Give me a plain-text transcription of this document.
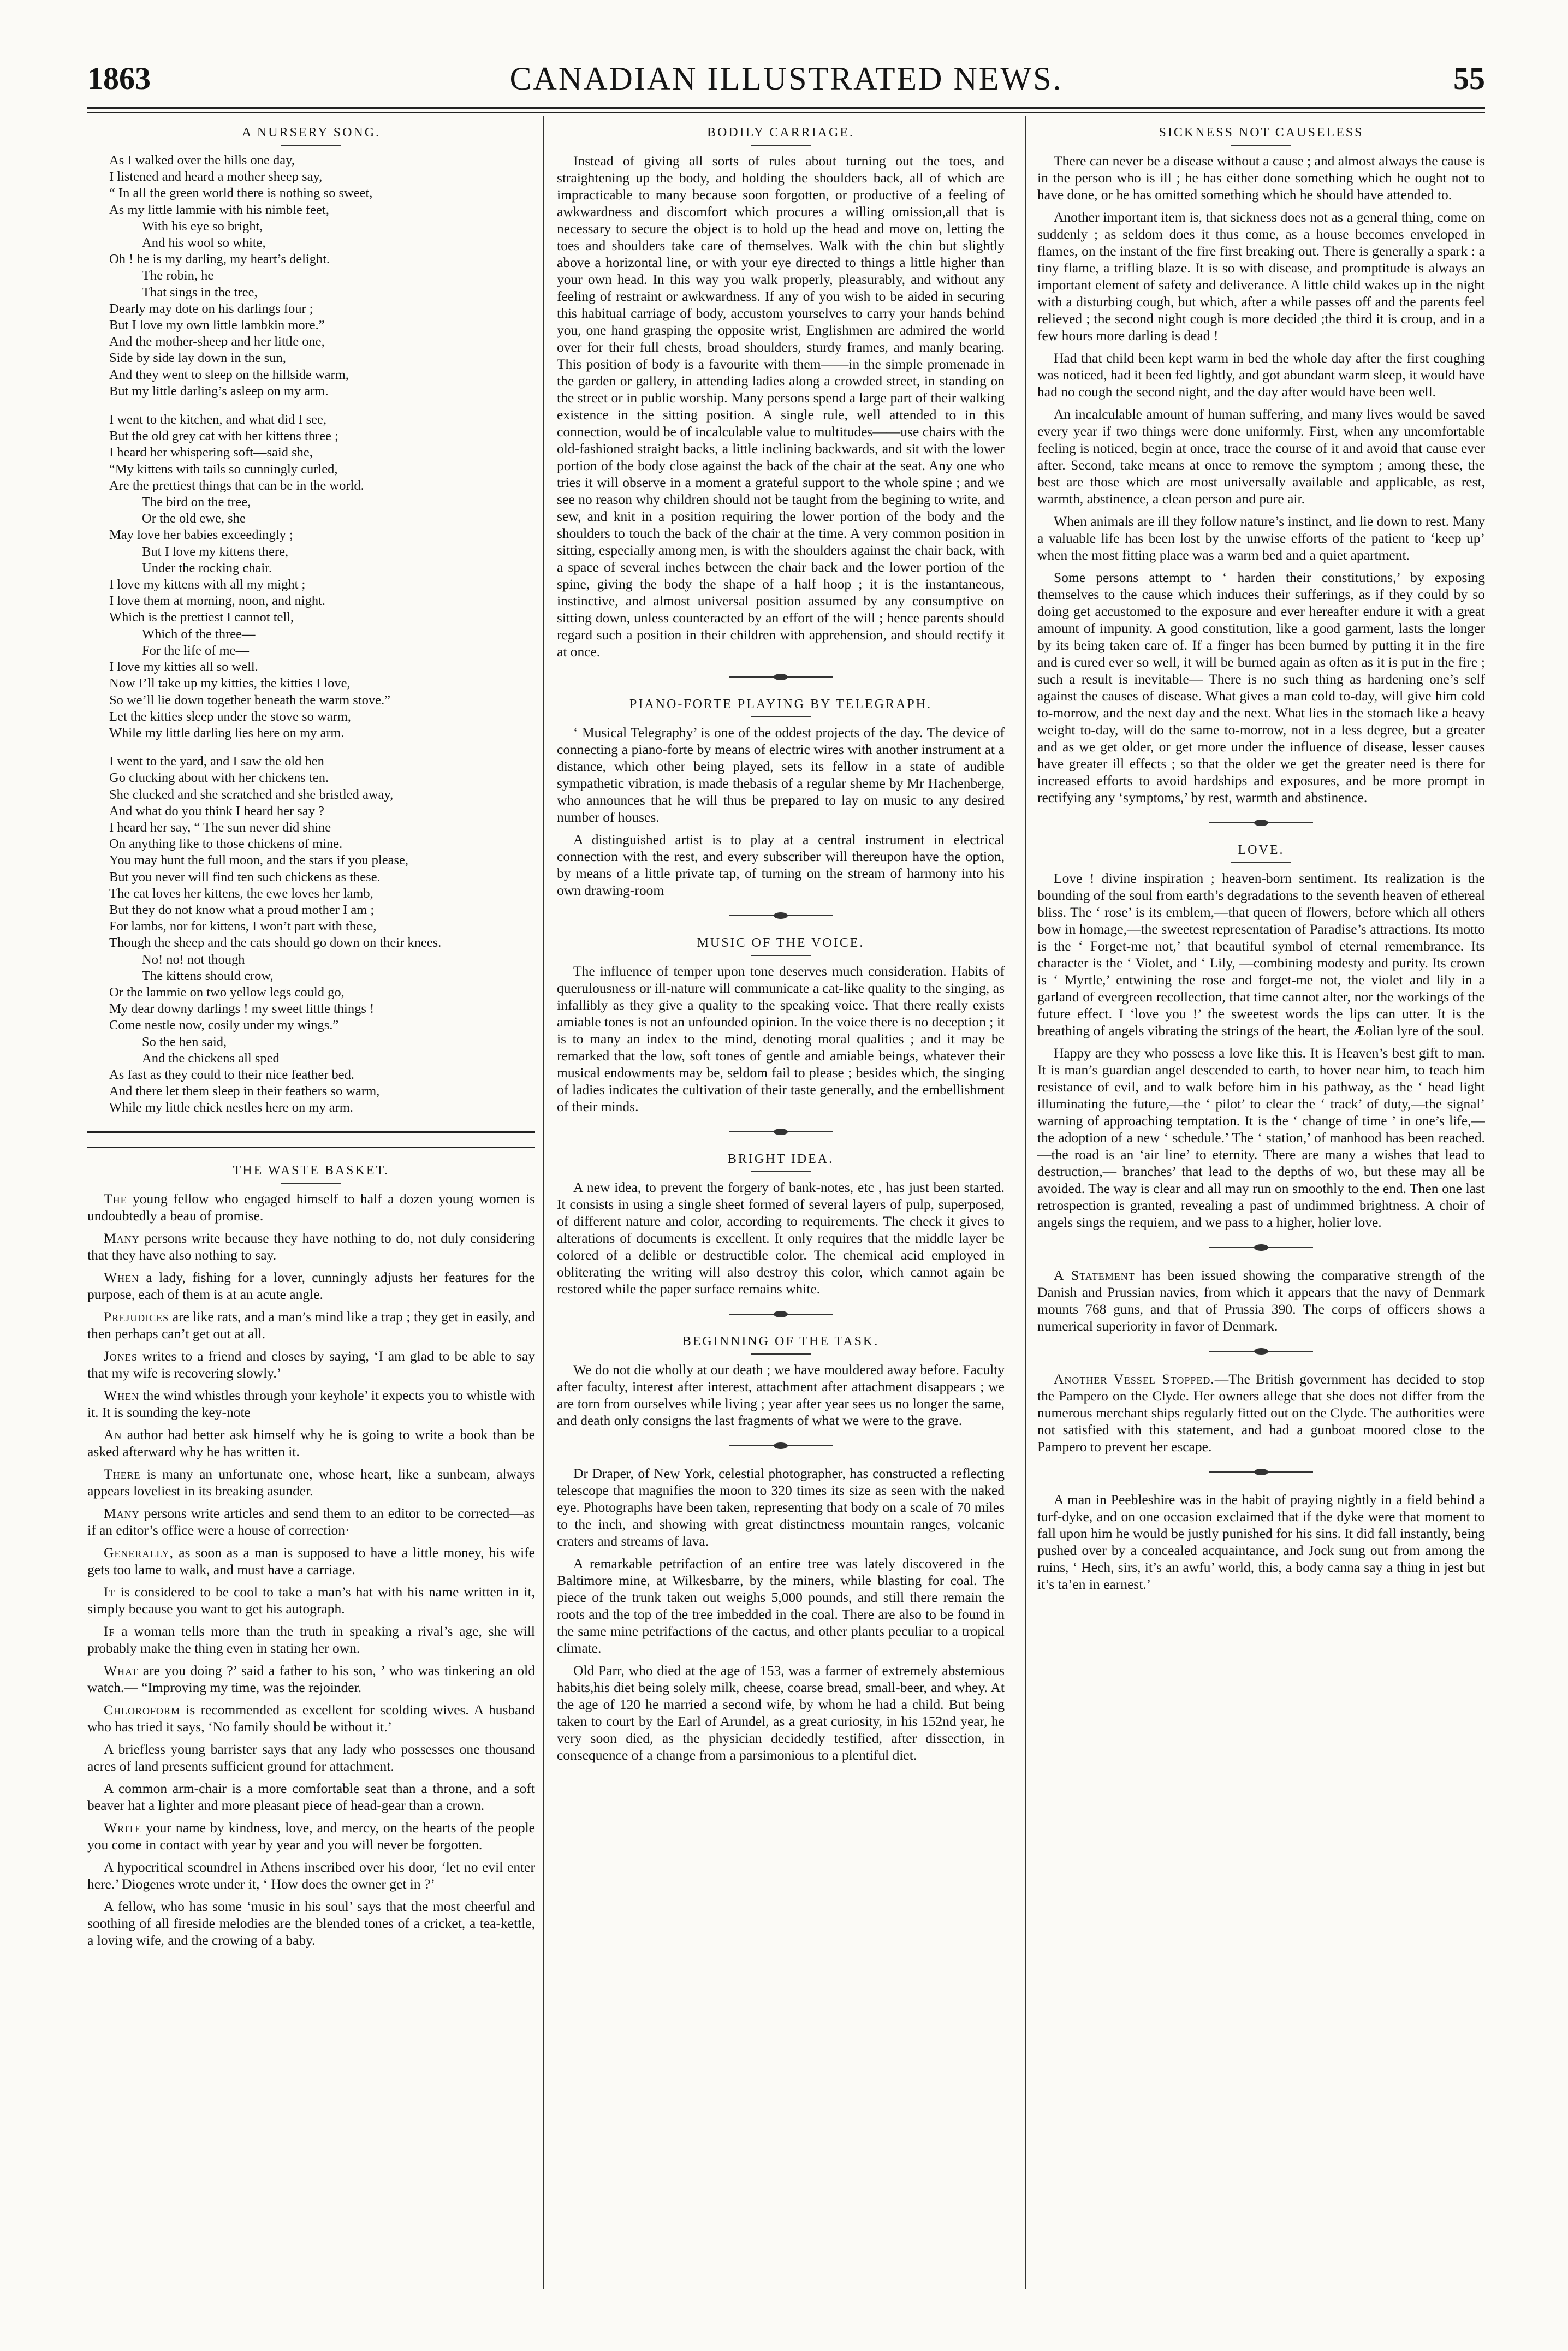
1863	CANADIAN ILLUSTRATED NEWS.	55
A NURSERY SONG.
As I walked over the hills one day,
I listened and heard a mother sheep say,
“ In all the green world there is nothing so sweet,
As my little lammie with his nimble feet,
With his eye so bright,
And his wool so white,
Oh ! he is my darling, my heart’s delight.
The robin, he
That sings in the tree,
Dearly may dote on his darlings four ;
But I love my own little lambkin more.”
And the mother-sheep and her little one,
Side by side lay down in the sun,
And they went to sleep on the hillside warm,
But my little darling’s asleep on my arm.
I went to the kitchen, and what did I see,
But the old grey cat with her kittens three ;
I heard her whispering soft—said she,
“My kittens with tails so cunningly curled,
Are the prettiest things that can be in the world.
The bird on the tree,
Or the old ewe, she
May love her babies exceedingly ;
But I love my kittens there,
Under the rocking chair.
I love my kittens with all my might ;
I love them at morning, noon, and night.
Which is the prettiest I cannot tell,
Which of the three—
For the life of me—
I love my kitties all so well.
Now I’ll take up my kitties, the kitties I love,
So we’ll lie down together beneath the warm stove.”
Let the kitties sleep under the stove so warm,
While my little darling lies here on my arm.
I went to the yard, and I saw the old hen
Go clucking about with her chickens ten.
She clucked and she scratched and she bristled away,
And what do you think I heard her say ?
I heard her say, “ The sun never did shine
On anything like to those chickens of mine.
You may hunt the full moon, and the stars if you please,
But you never will find ten such chickens as these.
The cat loves her kittens, the ewe loves her lamb,
But they do not know what a proud mother I am ;
For lambs, nor for kittens, I won’t part with these,
Though the sheep and the cats should go down on their knees.
No! no! not though
The kittens should crow,
Or the lammie on two yellow legs could go,
My dear downy darlings ! my sweet little things !
Come nestle now, cosily under my wings.”
So the hen said,
And the chickens all sped
As fast as they could to their nice feather bed.
And there let them sleep in their feathers so warm,
While my little chick nestles here on my arm.
THE WASTE BASKET.

The young fellow who engaged himself to half a dozen young women is undoubtedly a beau of promise.

Many persons write because they have nothing to do, not duly considering that they have also nothing to say.

When a lady, fishing for a lover, cunningly adjusts her features for the purpose, each of them is at an acute angle.

Prejudices are like rats, and a man’s mind like a trap ; they get in easily, and then perhaps can’t get out at all.

Jones writes to a friend and closes by saying, ‘I am glad to be able to say that my wife is recovering slowly.’

When the wind whistles through your keyhole’ it expects you to whistle with it. It is sounding the key-note

An author had better ask himself why he is going to write a book than be asked afterward why he has written it.

There is many an unfortunate one, whose heart, like a sunbeam, always appears loveliest in its breaking asunder.

Many persons write articles and send them to an editor to be corrected—as if an editor’s office were a house of correction·

Generally, as soon as a man is supposed to have a little money, his wife gets too lame to walk, and must have a carriage.

It is considered to be cool to take a man’s hat with his name written in it, simply because you want to get his autograph.

If a woman tells more than the truth in speaking a rival’s age, she will probably make the thing even in stating her own.

What are you doing ?’ said a father to his son, ’ who was tinkering an old watch.— “Improving my time, was the rejoinder.

Chloroform is recommended as excellent for scolding wives. A husband who has tried it says, ‘No family should be without it.’

A briefless young barrister says that any lady who possesses one thousand acres of land presents sufficient ground for attachment.

A common arm-chair is a more comfortable seat than a throne, and a soft beaver hat a lighter and more pleasant piece of head-gear than a crown.

Write your name by kindness, love, and mercy, on the hearts of the people you come in contact with year by year and you will never be forgotten.

A hypocritical scoundrel in Athens inscribed over his door, ‘let no evil enter here.’ Diogenes wrote under it, ‘ How does the owner get in ?’

A fellow, who has some ‘music in his soul’ says that the most cheerful and soothing of all fireside melodies are the blended tones of a cricket, a tea-kettle, a loving wife, and the crowing of a baby.

BODILY CARRIAGE.

Instead of giving all sorts of rules about turning out the toes, and straightening up the body, and holding the shoulders back, all of which are impracticable to many because soon forgotten, or productive of a feeling of awkwardness and discomfort which procures a willing omission,all that is necessary to secure the object is to hold up the head and move on, letting the toes and shoulders take care of themselves. Walk with the chin but slightly above a horizontal line, or with your eye directed to things a little higher than your own head. In this way you walk properly, pleasurably, and without any feeling of restraint or awkwardness. If any of you wish to be aided in securing this habitual carriage of body, accustom yourselves to carry your hands behind you, one hand grasping the opposite wrist, Englishmen are admired the world over for their full chests, broad shoulders, sturdy frames, and manly bearing. This position of body is a favourite with them——in the simple promenade in the garden or gallery, in attending ladies along a crowded street, in standing on the street or in public worship. Many persons spend a large part of their walking existence in the sitting position. A single rule, well attended to in this connection, would be of incalculable value to multitudes——use chairs with the old-fashioned straight backs, a little inclining backwards, and sit with the lower portion of the body close against the back of the chair at the seat. Any one who tries it will observe in a moment a grateful support to the whole spine ; and we see no reason why children should not be taught from the begining to write, and sew, and knit in a position requiring the lower portion of the body and the shoulders to touch the back of the chair at the time. A very common position in sitting, especially among men, is with the shoulders against the chair back, with a space of several inches between the chair back and the lower portion of the spine, giving the body the shape of a half hoop ; it is the instantaneous, instinctive, and almost universal position assumed by any consumptive on sitting down, unless counteracted by an effort of the will ; hence parents should regard such a position in their children with apprehension, and should rectify it at once.

PIANO-FORTE PLAYING BY TELEGRAPH.

‘ Musical Telegraphy’ is one of the oddest projects of the day. The device of connecting a piano-forte by means of electric wires with another instrument at a distance, which other being played, sets its fellow in a state of audible sympathetic vibration, is made thebasis of a regular sheme by Mr Hachenberge, who announces that he will thus be prepared to lay on music to any desired number of houses.

A distinguished artist is to play at a central instrument in electrical connection with the rest, and every subscriber will thereupon have the option, by means of a little private tap, of turning on the stream of harmony into his own drawing-room

MUSIC OF THE VOICE.

The influence of temper upon tone deserves much consideration. Habits of querulousness or ill-nature will communicate a cat-like quality to the singing, as infallibly as they give a quality to the speaking voice. That there really exists amiable tones is not an unfounded opinion. In the voice there is no deception ; it is to many an index to the mind, denoting moral qualities ; and it may be remarked that the low, soft tones of gentle and amiable beings, whatever their musical endowments may be, seldom fail to please ; besides which, the singing of ladies indicates the cultivation of their taste generally, and the embellishment of their minds.

BRIGHT IDEA.

A new idea, to prevent the forgery of bank-notes, etc , has just been started. It consists in using a single sheet formed of several layers of pulp, superposed, of different nature and color, according to requirements. The check it gives to alterations of documents is excellent. It only requires that the middle layer be colored of a delible or destructible color. The chemical acid employed in obliterating the writing will also destroy this color, which cannot again be restored while the paper surface remains white.

BEGINNING OF THE TASK.

We do not die wholly at our death ; we have mouldered away before. Faculty after faculty, interest after interest, attachment after attachment disappears ; we are torn from ourselves while living ; year after year sees us no longer the same, and death only consigns the last fragments of what we were to the grave.

Dr Draper, of New York, celestial photographer, has constructed a reflecting telescope that magnifies the moon to 320 times its size as seen with the naked eye. Photographs have been taken, representing that body on a scale of 70 miles to the inch, and showing with great distinctness mountain ranges, volcanic craters and streams of lava.

A remarkable petrifaction of an entire tree was lately discovered in the Baltimore mine, at Wilkesbarre, by the miners, while blasting for coal. The piece of the trunk taken out weighs 5,000 pounds, and still there remain the roots and the top of the tree imbedded in the coal. There are also to be found in the same mine petrifactions of the cactus, and other plants peculiar to a tropical climate.

Old Parr, who died at the age of 153, was a farmer of extremely abstemious habits,his diet being solely milk, cheese, coarse bread, small-beer, and whey. At the age of 120 he married a second wife, by whom he had a child. But being taken to court by the Earl of Arundel, as a great curiosity, in his 152nd year, he very soon died, as the physician decidedly testified, after dissection, in consequence of a change from a parsimonious to a plentiful diet.

SICKNESS NOT CAUSELESS

There can never be a disease without a cause ; and almost always the cause is in the person who is ill ; he has either done something which he ought not to have done, or he has omitted something which he should have attended to.

Another important item is, that sickness does not as a general thing, come on suddenly ; as seldom does it thus come, as a house becomes enveloped in flames, on the instant of the fire first breaking out. There is generally a spark : a tiny flame, a trifling blaze. It is so with disease, and promptitude is always an important element of safety and deliverance. A little child wakes up in the night with a disturbing cough, but which, after a while passes off and the parents feel relieved ; the second night cough is more decided ;the third it is croup, and in a few hours more darling is dead !

Had that child been kept warm in bed the whole day after the first coughing was noticed, had it been fed lightly, and got abundant warm sleep, it would have had no cough the second night, and the day after would have been well.

An incalculable amount of human suffering, and many lives would be saved every year if two things were done uniformly. First, when any uncomfortable feeling is noticed, begin at once, trace the course of it and avoid that cause ever after. Second, take means at once to remove the symptom ; among these, the best are those which are most universally available and applicable, as rest, warmth, abstinence, a clean person and pure air.

When animals are ill they follow nature’s instinct, and lie down to rest. Many a valuable life has been lost by the unwise efforts of the patient to ‘keep up’ when the most fitting place was a warm bed and a quiet apartment.

Some persons attempt to ‘ harden their constitutions,’ by exposing themselves to the cause which induces their sufferings, as if they could by so doing get accustomed to the exposure and ever hereafter endure it with a great amount of impunity. A good constitution, like a good garment, lasts the longer by its being taken care of. If a finger has been burned by putting it in the fire and is cured ever so well, it will be burned again as often as it is put in the fire ; such a result is inevitable— There is no such thing as hardening one’s self against the causes of disease. What gives a man cold to-day, will give him cold to-morrow, and the next day and the next. What lies in the stomach like a heavy weight to-day, will do the same to-morrow, not in a less degree, but a greater and as we get older, or get more under the influence of disease, lesser causes have greater ill effects ; so that the older we get the greater need is there for increased efforts to avoid hardships and exposures, and be more prompt in rectifying any ‘symptoms,’ by rest, warmth and abstinence.

LOVE.

Love ! divine inspiration ; heaven-born sentiment. Its realization is the bounding of the soul from earth’s degradations to the seventh heaven of ethereal bliss. The ‘ rose’ is its emblem,—that queen of flowers, before which all others bow in homage,—the sweetest representation of Paradise’s attractions. Its motto is the ‘ Forget-me not,’ that beautiful symbol of eternal remembrance. Its character is the ‘ Violet, and ‘ Lily, —combining modesty and purity. Its crown is ‘ Myrtle,’ entwining the rose and forget-me not, the violet and lily in a garland of evergreen recollection, that time cannot alter, nor the workings of the future effect. I ‘love you !’ the sweetest words the lips can utter. It is the breathing of angels vibrating the strings of the heart, the Æolian lyre of the soul.

Happy are they who possess a love like this. It is Heaven’s best gift to man. It is man’s guardian angel descended to earth, to hover near him, to teach him resistance of evil, and to walk before him in his pathway, as the ‘ head light illuminating the future,—the ‘ pilot’ to clear the ‘ track’ of duty,—the signal’ warning of approaching temptation. It is the ‘ change of time ’ in one’s life,—the adoption of a new ‘ schedule.’ The ‘ station,’ of manhood has been reached.—the road is an ‘air line’ to eternity. There are many a wishes that lead to destruction,— branches’ that lead to the depths of wo, but these may all be avoided. The way is clear and all may run on smoothly to the end. Then one last retrospection is granted, revealing a past of undimmed brightness. A choir of angels sings the requiem, and we pass to a higher, holier love.

A Statement has been issued showing the comparative strength of the Danish and Prussian navies, from which it appears that the navy of Denmark mounts 768 guns, and that of Prussia 390. The corps of officers shows a numerical superiority in favor of Denmark.

Another Vessel Stopped.—The British government has decided to stop the Pampero on the Clyde. Her owners allege that she does not differ from the numerous merchant ships regularly fitted out on the Clyde. The authorities were not satisfied with this statement, and had a gunboat moored close to the Pampero to prevent her escape.

A man in Peebleshire was in the habit of praying nightly in a field behind a turf-dyke, and on one occasion exclaimed that if the dyke were that moment to fall upon him he would be justly punished for his sins. It did fall instantly, being pushed over by a concealed acquaintance, and Jock sung out from among the ruins, ‘ Hech, sirs, it’s an awfu’ world, this, a body canna say a thing in jest but it’s ta’en in earnest.’
